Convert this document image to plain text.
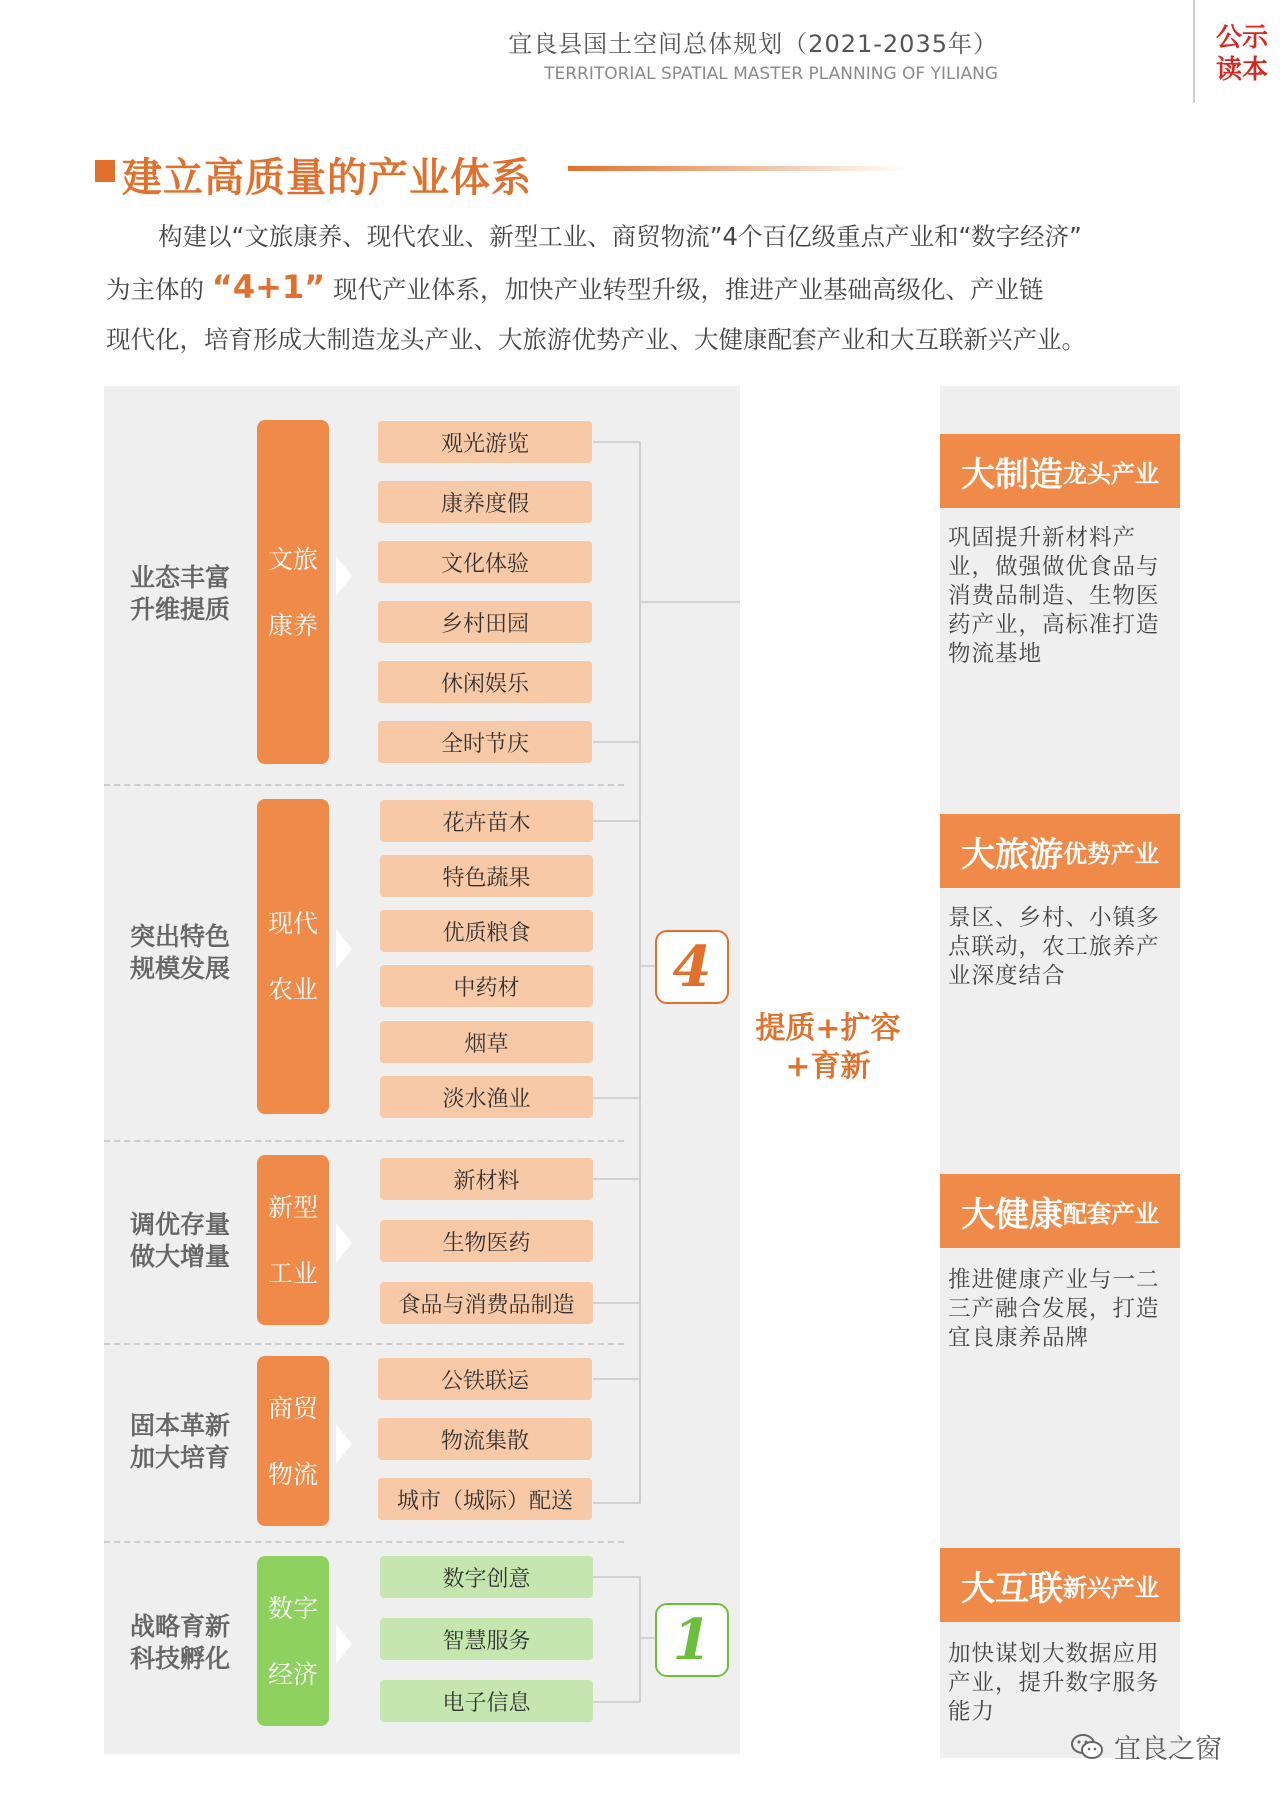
宜良县国土空间总体规划（2021-2035年）
TERRITORIAL SPATIAL MASTER PLANNING OF YILIANG
公示读本
建立高质量的产业体系

构建以“文旅康养、现代农业、新型工业、商贸物流”4个百亿级重点产业和“数字经济”

为主体的 “4+1” 现代产业体系，加快产业转型升级，推进产业基础高级化、产业链

现代化，培育形成大制造龙头产业、大旅游优势产业、大健康配套产业和大互联新兴产业。

业态丰富
升维提质
文旅

康养
观光游览
康养度假
文化体验
乡村田园
休闲娱乐
全时节庆
突出特色
规模发展
现代

农业
花卉苗木
特色蔬果
优质粮食
中药材
烟草
淡水渔业
调优存量
做大增量
新型

工业
新材料
生物医药
食品与消费品制造
固本革新
加大培育
商贸

物流
公铁联运
物流集散
城市（城际）配送
战略育新
科技孵化
数字

经济
数字创意
智慧服务
电子信息
4
1
提质+扩容
+育新
大制造 龙头产业
巩固提升新材料产业，做强做优食品与消费品制造、生物医药产业，高标准打造物流基地
大旅游 优势产业
景区、乡村、小镇多点联动，农工旅养产业深度结合
大健康 配套产业
推进健康产业与一二三产融合发展，打造宜良康养品牌
大互联 新兴产业
加快谋划大数据应用产业，提升数字服务能力
宜良之窗
